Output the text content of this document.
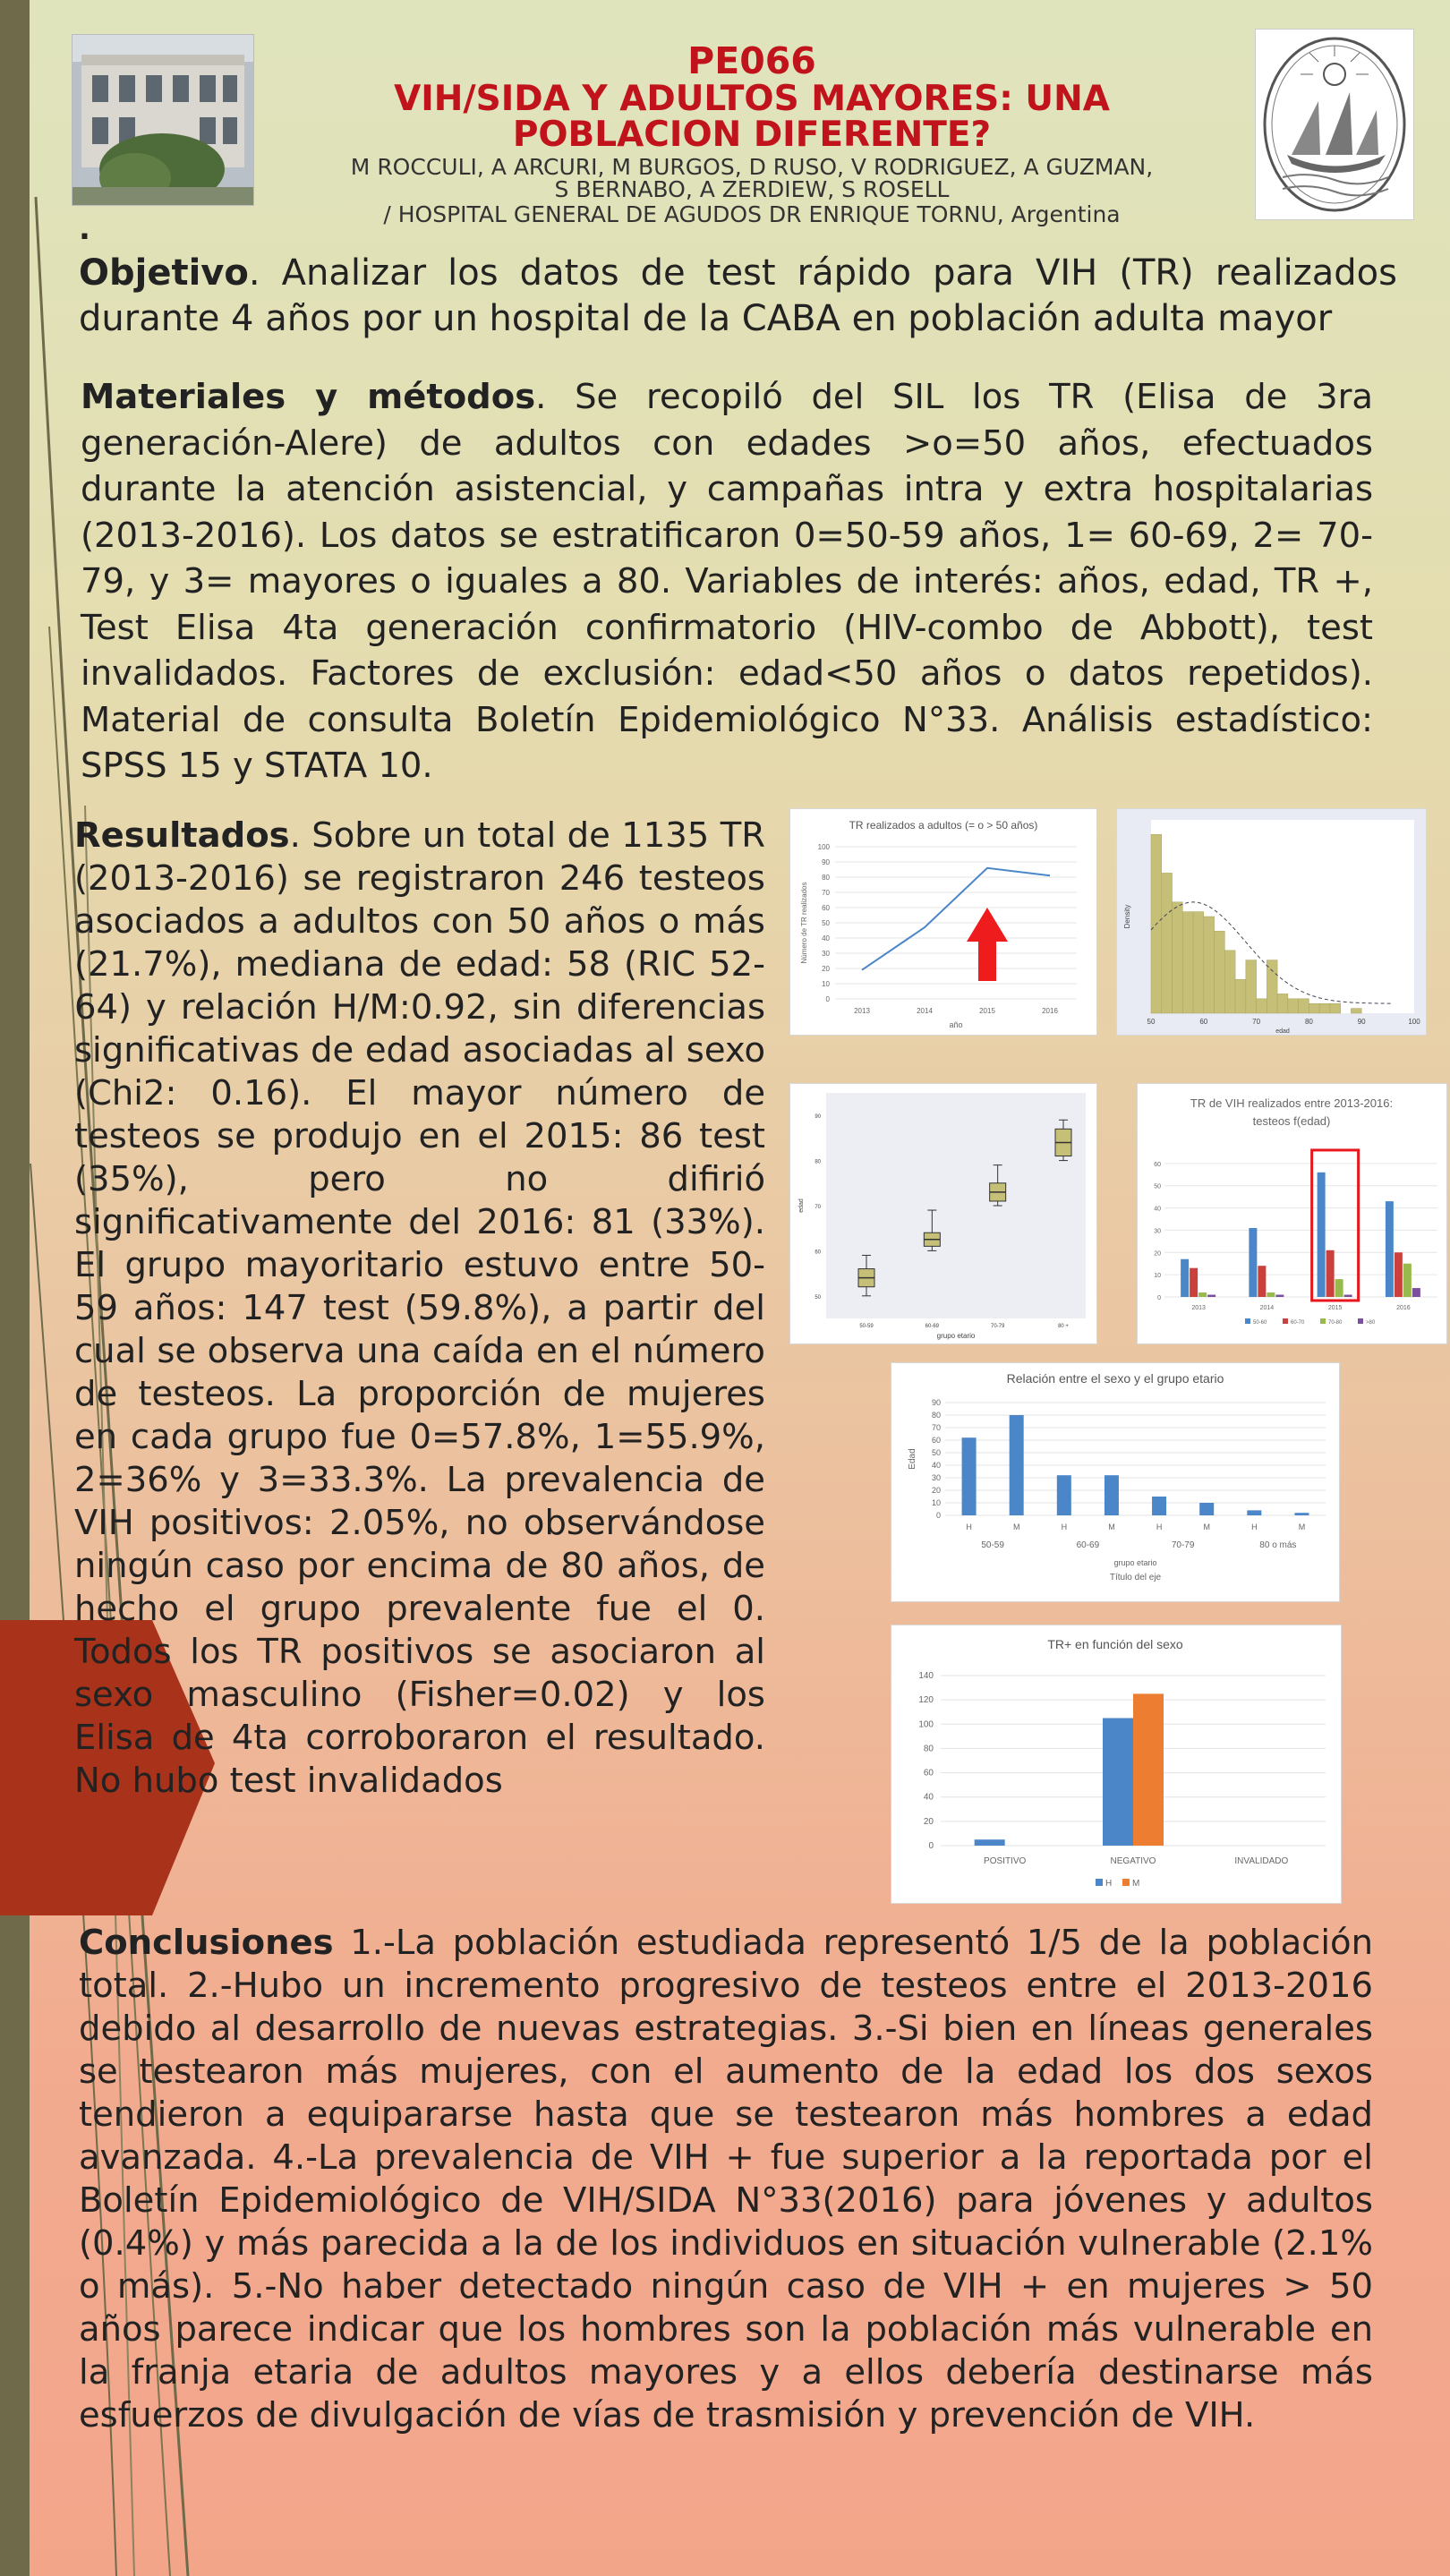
PE066
VIH/SIDA Y ADULTOS MAYORES: UNA
POBLACION DIFERENTE?
M ROCCULI, A ARCURI, M BURGOS, D RUSO, V RODRIGUEZ, A GUZMAN,
S BERNABO, A ZERDIEW, S ROSELL
/ HOSPITAL GENERAL DE AGUDOS DR ENRIQUE TORNU, Argentina
.
Objetivo. Analizar los datos de test rápido para VIH (TR) realizados durante 4 años por un hospital de la CABA en población adulta mayor
Materiales y métodos. Se recopiló del SIL los TR (Elisa de 3ra generación-Alere) de adultos con edades >o=50 años, efectuados durante la atención asistencial, y campañas intra y extra hospitalarias (2013-2016). Los datos se estratificaron 0=50-59 años, 1= 60-69, 2= 70-79, y 3= mayores o iguales a 80. Variables de interés: años, edad, TR +, Test Elisa 4ta generación confirmatorio (HIV-combo de Abbott), test invalidados. Factores de exclusión: edad<50 años o datos repetidos). Material de consulta Boletín Epidemiológico N°33. Análisis estadístico: SPSS 15 y STATA 10.
Resultados. Sobre un total de 1135 TR (2013-2016) se registraron 246 testeos asociados a adultos con 50 años o más (21.7%), mediana de edad: 58 (RIC 52-64) y relación H/M:0.92, sin diferencias significativas de edad asociadas al sexo (Chi2: 0.16). El mayor número de testeos se produjo en el 2015: 86 test (35%), pero no difirió significativamente del 2016: 81 (33%). El grupo mayoritario estuvo entre 50-59 años: 147 test (59.8%), a partir del cual se observa una caída en el número de testeos. La proporción de mujeres en cada grupo fue 0=57.8%, 1=55.9%, 2=36% y 3=33.3%. La prevalencia de VIH positivos: 2.05%, no observándose ningún caso por encima de 80 años, de hecho el grupo prevalente fue el 0. Todos los TR positivos se asociaron al sexo masculino (Fisher=0.02) y los Elisa de 4ta corroboraron el resultado. No hubo test invalidados
Conclusiones 1.-La población estudiada representó 1/5 de la población total. 2.-Hubo un incremento progresivo de testeos entre el 2013-2016 debido al desarrollo de nuevas estrategias. 3.-Si bien en líneas generales se testearon más mujeres, con el aumento de la edad los dos sexos tendieron a equipararse hasta que se testearon más hombres a edad avanzada. 4.-La prevalencia de VIH + fue superior a la reportada por el Boletín Epidemiológico de VIH/SIDA N°33(2016) para jóvenes y adultos (0.4%) y más parecida a la de los individuos en situación vulnerable (2.1% o más). 5.-No haber detectado ningún caso de VIH + en mujeres > 50 años parece indicar que los hombres son la población más vulnerable en la franja etaria de adultos mayores y a ellos debería destinarse más esfuerzos de divulgación de vías de trasmisión y prevención de VIH.
TR realizados a adultos (= o > 50 años)
0
10
20
30
40
50
60
70
80
90
100
2013	2014	2015	2016
año
Número de TR realizados
50	60	70	80	90	100
edad
Density
50
60
70
80
90
50-59	60-69	70-79	80 +
grupo etario
edad
TR de VIH realizados entre 2013-2016:
testeos f(edad)
0
10
20
30
40
50
60
2013	2014	2015	2016
50-60	60-70	70-80	>80
Relación entre el sexo y el grupo etario
0
10
20
30
40
50
60
70
80
90
H	M	H	M	H	M	H	M
50-59	60-69	70-79	80 o más
grupo etario
Título del eje
Edad
TR+ en función del sexo
0
20
40
60
80
100
120
140
POSITIVO	NEGATIVO	INVALIDADO
H M
